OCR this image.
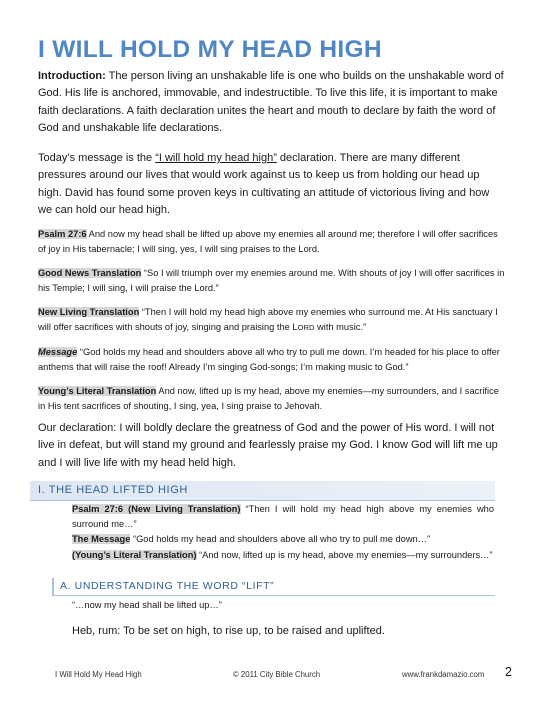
I WILL HOLD MY HEAD HIGH

Introduction: The person living an unshakable life is one who builds on the unshakable word of God. His life is anchored, immovable, and indestructible. To live this life, it is important to make faith declarations. A faith declaration unites the heart and mouth to declare by faith the word of God and unshakable life declarations.

Today’s message is the “I will hold my head high” declaration. There are many different pressures around our lives that would work against us to keep us from holding our head up high. David has found some proven keys in cultivating an attitude of victorious living and how we can hold our head high.

Psalm 27:6 And now my head shall be lifted up above my enemies all around me; therefore I will offer sacrifices of joy in His tabernacle; I will sing, yes, I will sing praises to the Lord.

Good News Translation “So I will triumph over my enemies around me. With shouts of joy I will offer sacrifices in his Temple; I will sing, I will praise the Lord.”

New Living Translation “Then I will hold my head high above my enemies who surround me. At His sanctuary I will offer sacrifices with shouts of joy, singing and praising the LORD with music.”

Message “God holds my head and shoulders above all who try to pull me down. I’m headed for his place to offer anthems that will raise the roof! Already I’m singing God-songs; I’m making music to God.”

Young’s Literal Translation And now, lifted up is my head, above my enemies—my surrounders, and I sacrifice in His tent sacrifices of shouting, I sing, yea, I sing praise to Jehovah.

Our declaration: I will boldly declare the greatness of God and the power of His word. I will not live in defeat, but will stand my ground and fearlessly praise my God. I know God will lift me up and I will live life with my head held high.

I. THE HEAD LIFTED HIGH
Psalm 27:6 (New Living Translation) “Then I will hold my head high above my enemies who surround me…”
The Message “God holds my head and shoulders above all who try to pull me down…”
(Young’s Literal Translation) “And now, lifted up is my head, above my enemies—my surrounders…”
A. UNDERSTANDING THE WORD “LIFT”
“…now my head shall be lifted up…”
Heb, rum: To be set on high, to rise up, to be raised and uplifted.
I Will Hold My Head High	© 2011 City Bible Church	www.frankdamazio.com 2
